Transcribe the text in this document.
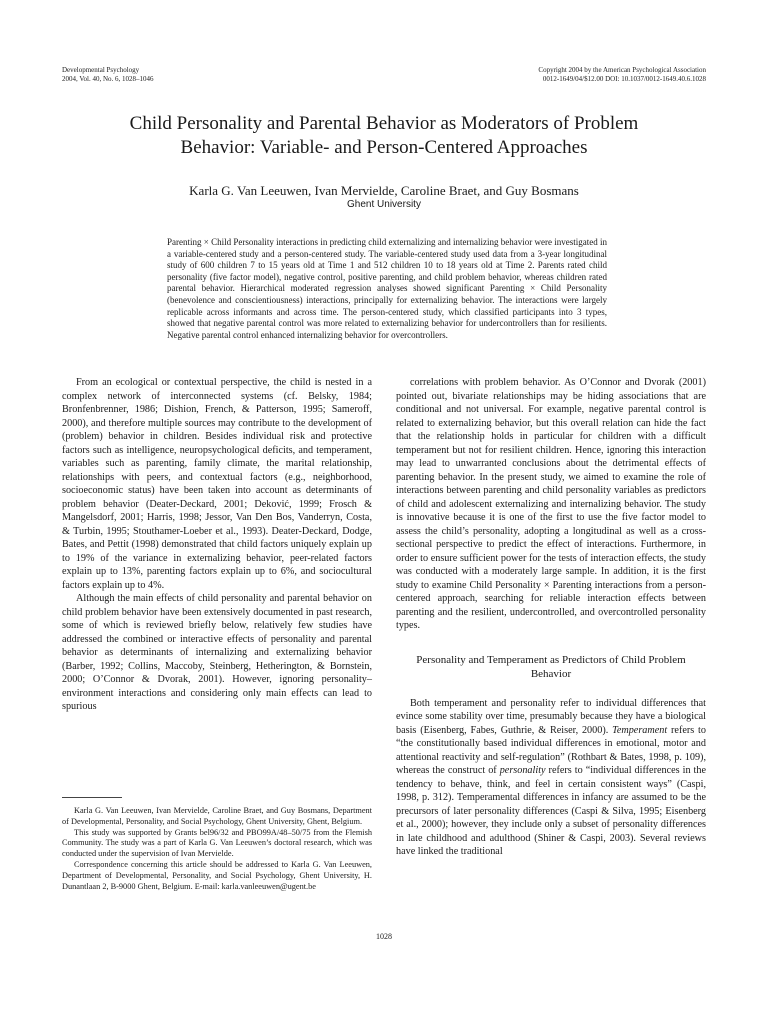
Developmental Psychology
2004, Vol. 40, No. 6, 1028–1046
Copyright 2004 by the American Psychological Association
0012-1649/04/$12.00 DOI: 10.1037/0012-1649.40.6.1028
Child Personality and Parental Behavior as Moderators of Problem
Behavior: Variable- and Person-Centered Approaches
Karla G. Van Leeuwen, Ivan Mervielde, Caroline Braet, and Guy Bosmans
Ghent University

Parenting × Child Personality interactions in predicting child externalizing and internalizing behavior were investigated in a variable-centered study and a person-centered study. The variable-centered study used data from a 3-year longitudinal study of 600 children 7 to 15 years old at Time 1 and 512 children 10 to 18 years old at Time 2. Parents rated child personality (five factor model), negative control, positive parenting, and child problem behavior, whereas children rated parental behavior. Hierarchical moderated regression analyses showed significant Parenting × Child Personality (benevolence and conscientiousness) interactions, principally for externalizing behavior. The interactions were largely replicable across informants and across time. The person-centered study, which classified participants into 3 types, showed that negative parental control was more related to externalizing behavior for undercontrollers than for resilients. Negative parental control enhanced internalizing behavior for overcontrollers.

From an ecological or contextual perspective, the child is nested in a complex network of interconnected systems (cf. Belsky, 1984; Bronfenbrenner, 1986; Dishion, French, & Patterson, 1995; Sameroff, 2000), and therefore multiple sources may contribute to the development of (problem) behavior in children. Besides individual risk and protective factors such as intelligence, neuropsychological deficits, and temperament, variables such as parenting, family climate, the marital relationship, relationships with peers, and contextual factors (e.g., neighborhood, socioeconomic status) have been taken into account as determinants of problem behavior (Deater-Deckard, 2001; Deković, 1999; Frosch & Mangelsdorf, 2001; Harris, 1998; Jessor, Van Den Bos, Vanderryn, Costa, & Turbin, 1995; Stouthamer-Loeber et al., 1993). Deater-Deckard, Dodge, Bates, and Pettit (1998) demonstrated that child factors uniquely explain up to 19% of the variance in externalizing behavior, peer-related factors explain up to 13%, parenting factors explain up to 6%, and sociocultural factors explain up to 4%.

Although the main effects of child personality and parental behavior on child problem behavior have been extensively documented in past research, some of which is reviewed briefly below, relatively few studies have addressed the combined or interactive effects of personality and parental behavior as determinants of internalizing and externalizing behavior (Barber, 1992; Collins, Maccoby, Steinberg, Hetherington, & Bornstein, 2000; O’Connor & Dvorak, 2001). However, ignoring personality–environment interactions and considering only main effects can lead to spurious

correlations with problem behavior. As O’Connor and Dvorak (2001) pointed out, bivariate relationships may be hiding associations that are conditional and not universal. For example, negative parental control is related to externalizing behavior, but this overall relation can hide the fact that the relationship holds in particular for children with a difficult temperament but not for resilient children. Hence, ignoring this interaction may lead to unwarranted conclusions about the detrimental effects of parenting behavior. In the present study, we aimed to examine the role of interactions between parenting and child personality variables as predictors of child and adolescent externalizing and internalizing behavior. The study is innovative because it is one of the first to use the five factor model to assess the child’s personality, adopting a longitudinal as well as a cross-sectional perspective to predict the effect of interactions. Furthermore, in order to ensure sufficient power for the tests of interaction effects, the study was conducted with a moderately large sample. In addition, it is the first study to examine Child Personality × Parenting interactions from a person-centered approach, searching for reliable interaction effects between parenting and the resilient, undercontrolled, and overcontrolled personality types.

Personality and Temperament as Predictors of Child Problem Behavior

Both temperament and personality refer to individual differences that evince some stability over time, presumably because they have a biological basis (Eisenberg, Fabes, Guthrie, & Reiser, 2000). Temperament refers to “the constitutionally based individual differences in emotional, motor and attentional reactivity and self-regulation” (Rothbart & Bates, 1998, p. 109), whereas the construct of personality refers to “individual differences in the tendency to behave, think, and feel in certain consistent ways” (Caspi, 1998, p. 312). Temperamental differences in infancy are assumed to be the precursors of later personality differences (Caspi & Silva, 1995; Eisenberg et al., 2000); however, they include only a subset of personality differences in late childhood and adulthood (Shiner & Caspi, 2003). Several reviews have linked the traditional

Karla G. Van Leeuwen, Ivan Mervielde, Caroline Braet, and Guy Bosmans, Department of Developmental, Personality, and Social Psychology, Ghent University, Ghent, Belgium.

This study was supported by Grants bel96/32 and PBO99A/48–50/75 from the Flemish Community. The study was a part of Karla G. Van Leeuwen’s doctoral research, which was conducted under the supervision of Ivan Mervielde.

Correspondence concerning this article should be addressed to Karla G. Van Leeuwen, Department of Developmental, Personality, and Social Psychology, Ghent University, H. Dunantlaan 2, B-9000 Ghent, Belgium. E-mail: karla.vanleeuwen@ugent.be

1028
